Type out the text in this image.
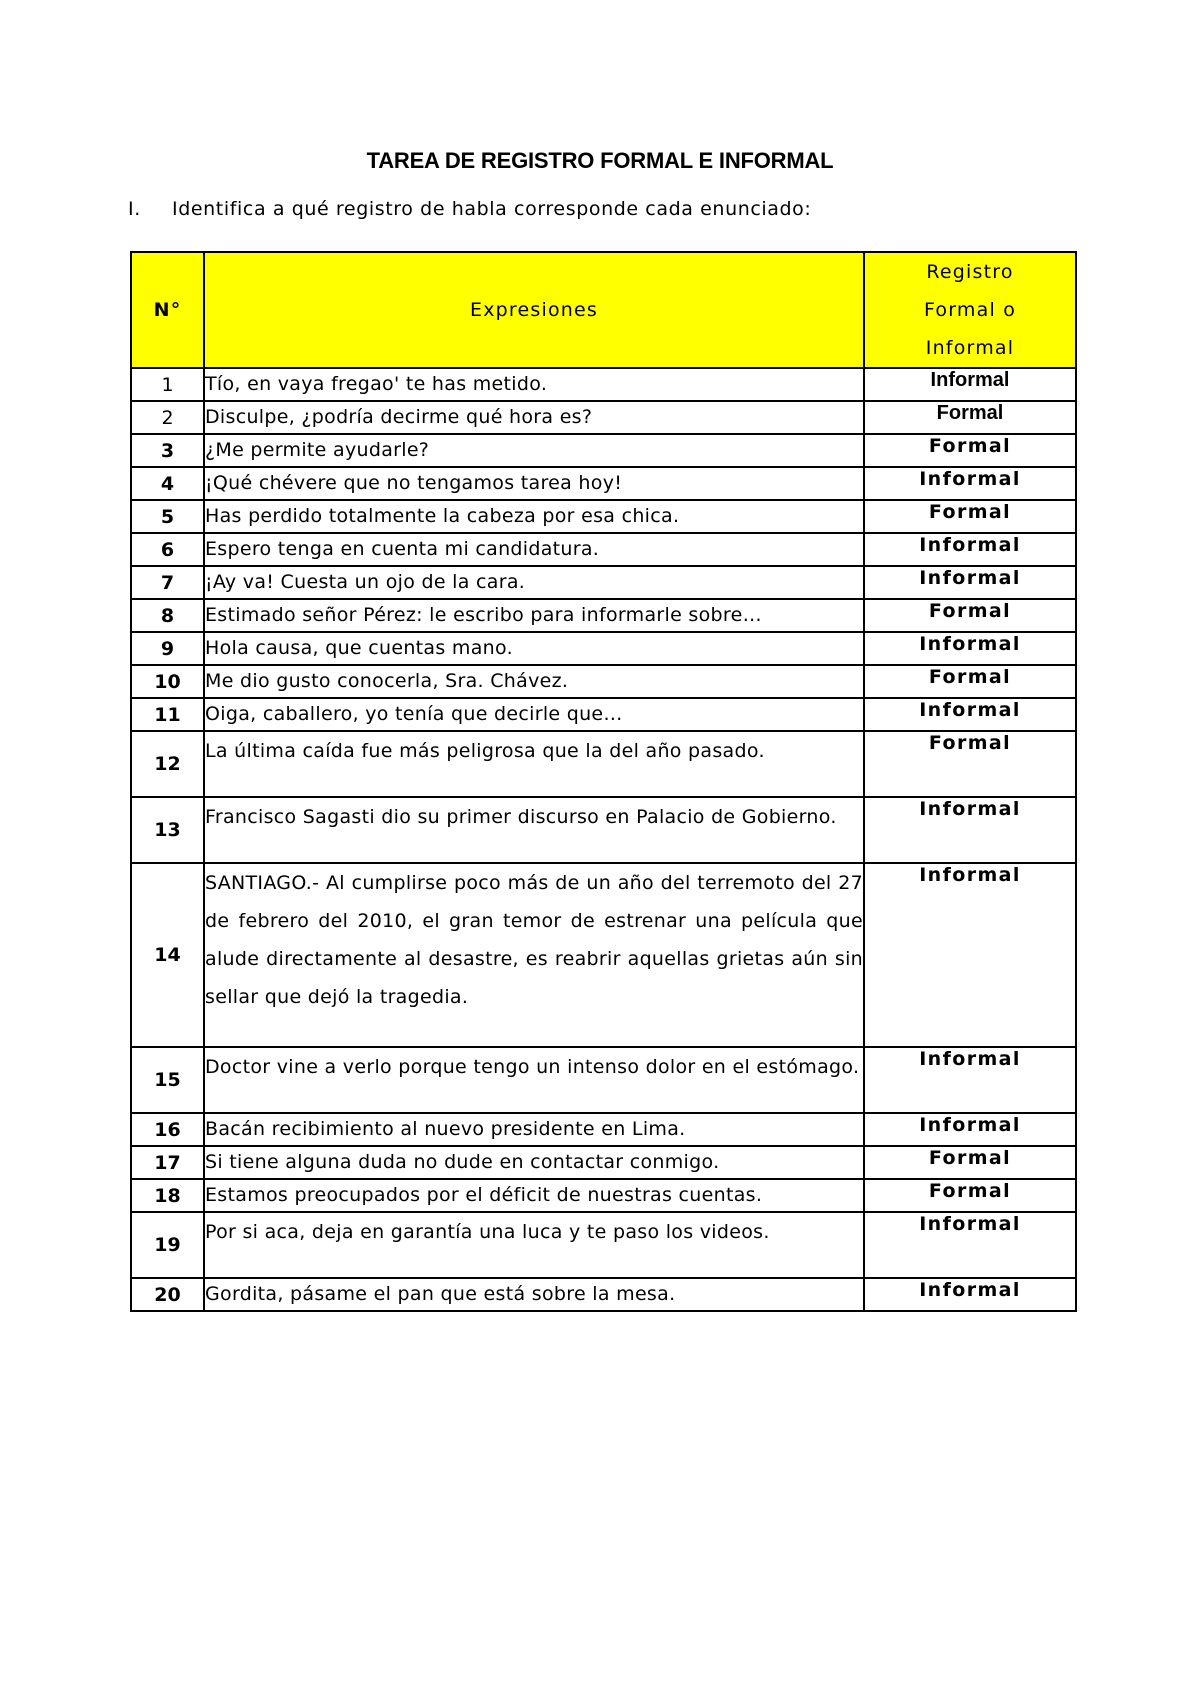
TAREA DE REGISTRO FORMAL E INFORMAL
I. Identifica a qué registro de habla corresponde cada enunciado:
N°	Expresiones	Registro
Formal o
Informal

1	Tío, en vaya fregao' te has metido.	Informal
2	Disculpe, ¿podría decirme qué hora es?	Formal
3	¿Me permite ayudarle?	Formal
4	¡Qué chévere que no tengamos tarea hoy!	Informal
5	Has perdido totalmente la cabeza por esa chica.	Formal
6	Espero tenga en cuenta mi candidatura.	Informal
7	¡Ay va! Cuesta un ojo de la cara.	Informal
8	Estimado señor Pérez: le escribo para informarle sobre…	Formal
9	Hola causa, que cuentas mano.	Informal
10	Me dio gusto conocerla, Sra. Chávez.	Formal
11	Oiga, caballero, yo tenía que decirle que…	Informal
12	La última caída fue más peligrosa que la del año pasado.	Formal
13	Francisco Sagasti dio su primer discurso en Palacio de Gobierno.	Informal
14	SANTIAGO.- Al cumplirse poco más de un año del terremoto del 27 de febrero del 2010, el gran temor de estrenar una película que alude directamente al desastre, es reabrir aquellas grietas aún sin sellar que dejó la tragedia.	Informal
15	Doctor vine a verlo porque tengo un intenso dolor en el estómago.	Informal
16	Bacán recibimiento al nuevo presidente en Lima.	Informal
17	Si tiene alguna duda no dude en contactar conmigo.	Formal
18	Estamos preocupados por el déficit de nuestras cuentas.	Formal
19	Por si aca, deja en garantía una luca y te paso los videos.	Informal
20	Gordita, pásame el pan que está sobre la mesa.	Informal
